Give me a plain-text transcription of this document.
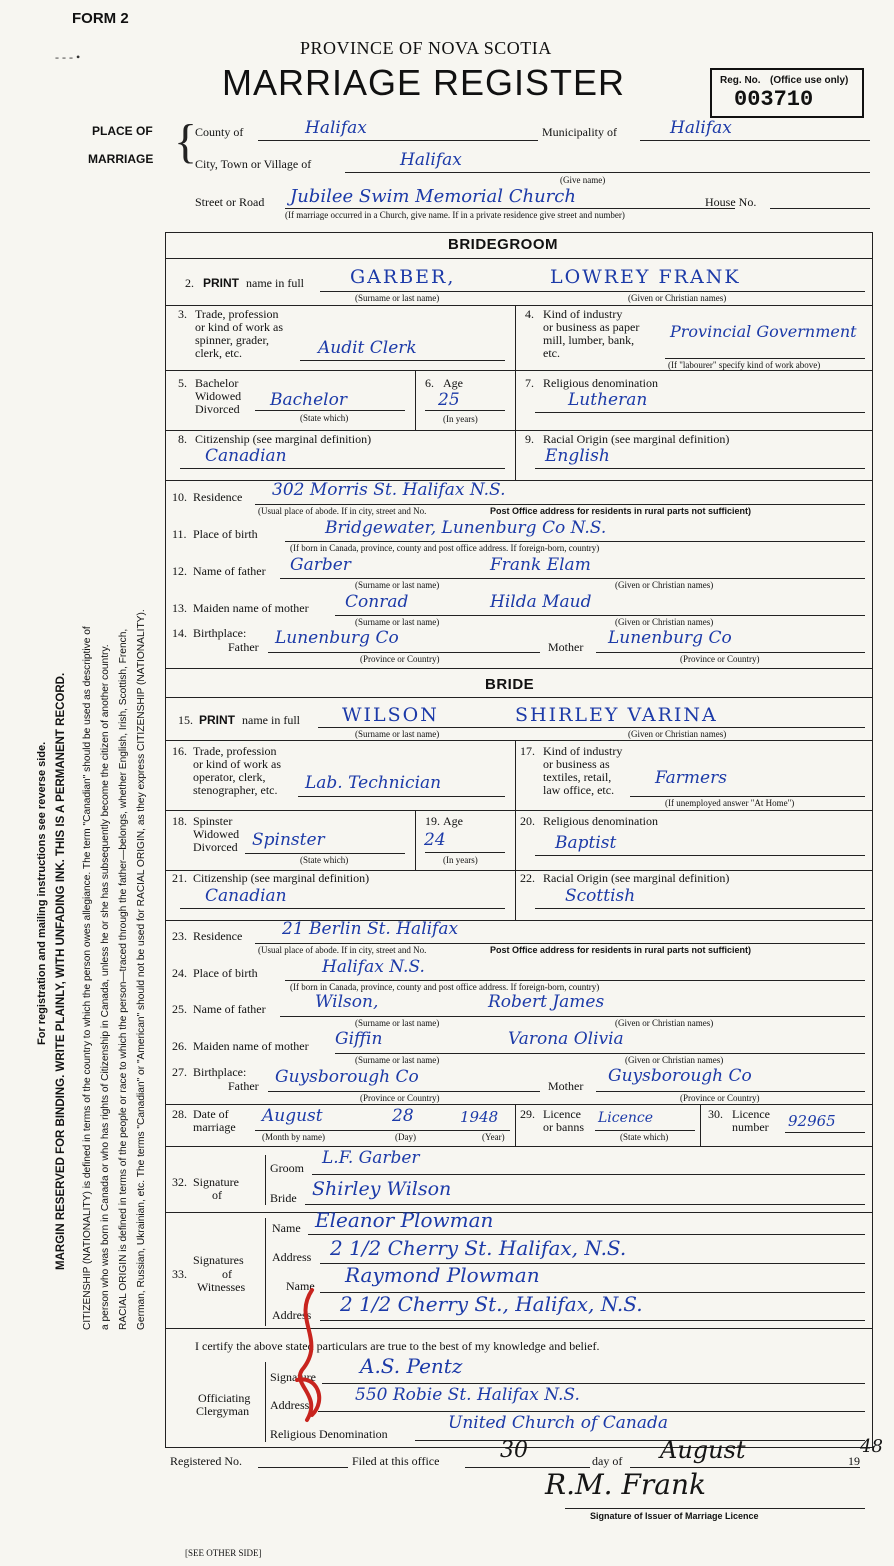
FORM 2
- - - •	PROVINCE OF NOVA SCOTIA
MARRIAGE REGISTER	Reg. No. (Office use only)
003710
PLACE OF
MARRIAGE {
County of	Halifax	Municipality of	Halifax
City, Town or Village of	Halifax
(Give name)
Street or Road Jubilee Swim Memorial Church	House No.
(If marriage occurred in a Church, give name. If in a private residence give street and number)
For registration and mailing instructions see reverse side. MARGIN RESERVED FOR BINDING. WRITE PLAINLY, WITH UNFADING INK. THIS IS A PERMANENT RECORD. CITIZENSHIP (NATIONALITY) is defined in terms of the country to which the person owes allegiance. The term "Canadian" should be used as descriptive of a person who was born in Canada or who has rights of Citizenship in Canada, unless he or she has subsequently become the citizen of another country. RACIAL ORIGIN is defined in terms of the people or race to which the person—traced through the father—belongs, whether English, Irish, Scottish, French, German, Russian, Ukrainian, etc. The terms "Canadian" or "American" should not be used for RACIAL ORIGIN, as they express CITIZENSHIP (NATIONALITY).
BRIDEGROOM
2. PRINT name in full GARBER,	LOWREY FRANK
(Surname or last name)	(Given or Christian names)
3. Trade, profession
or kind of work as
spinner, grader,
clerk, etc.	Audit Clerk
4. Kind of industry
or business as paper
mill, lumber, bank,
etc.
Provincial Government
(If "labourer" specify kind of work above)
5. Bachelor
Widowed
Divorced Bachelor
(State which)
6. Age
25
(In years)
7. Religious denomination
Lutheran
8. Citizenship (see marginal definition)
Canadian
9. Racial Origin (see marginal definition)
English
10. Residence 302 Morris St. Halifax N.S.
(Usual place of abode. If in city, street and No.	Post Office address for residents in rural parts not sufficient)
11. Place of birth	Bridgewater, Lunenburg Co N.S.
(If born in Canada, province, county and post office address. If foreign-born, country)
12. Name of father Garber	Frank Elam
(Surname or last name)	(Given or Christian names)
13. Maiden name of mother Conrad	Hilda Maud
(Surname or last name)	(Given or Christian names)
14. Birthplace:
Father Lunenburg Co
(Province or Country)
Mother Lunenburg Co
(Province or Country)
BRIDE
15. PRINT name in full WILSON	SHIRLEY VARINA
(Surname or last name)	(Given or Christian names)
16. Trade, profession
or kind of work as
operator, clerk,
stenographer, etc. Lab. Technician
17. Kind of industry
or business as
textiles, retail,
law office, etc.
Farmers
(If unemployed answer "At Home")
18. Spinster
Widowed
Divorced Spinster
(State which)
19. Age
24
(In years)
20. Religious denomination
Baptist
21. Citizenship (see marginal definition)
Canadian
22. Racial Origin (see marginal definition)
Scottish
23. Residence 21 Berlin St. Halifax
(Usual place of abode. If in city, street and No.	Post Office address for residents in rural parts not sufficient)
24. Place of birth	Halifax N.S.
(If born in Canada, province, county and post office address. If foreign-born, country)
25. Name of father	Wilson,	Robert James
(Surname or last name)	(Given or Christian names)
26. Maiden name of mother Giffin	Varona Olivia
(Surname or last name)	(Given or Christian names)
27. Birthplace:
Father Guysborough Co
(Province or Country)
Mother Guysborough Co
(Province or Country)
28. Date of
marriage
August	28	1948
(Month by name)	(Day)	(Year)
29. Licence
or banns
Licence
(State which)
30. Licence
number 92965
32. Signature
of
Groom L.F. Garber
Bride Shirley Wilson
Signatures
33.	of
Witnesses
Name Eleanor Plowman
Address 2 1/2 Cherry St. Halifax, N.S.
Name Raymond Plowman
Address 2 1/2 Cherry St., Halifax, N.S.
I certify the above stated particulars are true to the best of my knowledge and belief.
Officiating
Clergyman
Signature A.S. Pentz
Address	550 Robie St. Halifax N.S.
Religious Denomination
United Church of Canada
Registered No.	Filed at this office	30	day of August	19
48
R.M. Frank
Signature of Issuer of Marriage Licence
[SEE OTHER SIDE]
